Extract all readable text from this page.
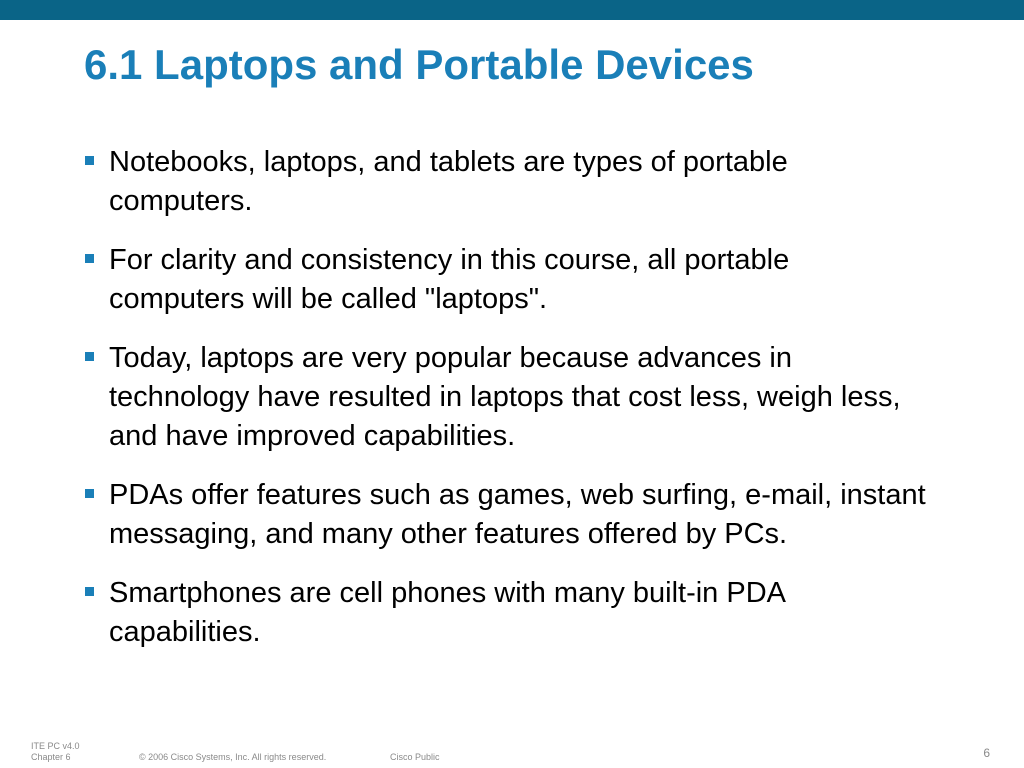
6.1 Laptops and Portable Devices
Notebooks, laptops, and tablets are types of portable computers.
For clarity and consistency in this course, all portable computers will be called "laptops".
Today, laptops are very popular because advances in technology have resulted in laptops that cost less, weigh less, and have improved capabilities.
PDAs offer features such as games, web surfing, e-mail, instant messaging, and many other features offered by PCs.
Smartphones are cell phones with many built-in PDA capabilities.
ITE PC v4.0
Chapter 6	© 2006 Cisco Systems, Inc. All rights reserved.	Cisco Public	6
